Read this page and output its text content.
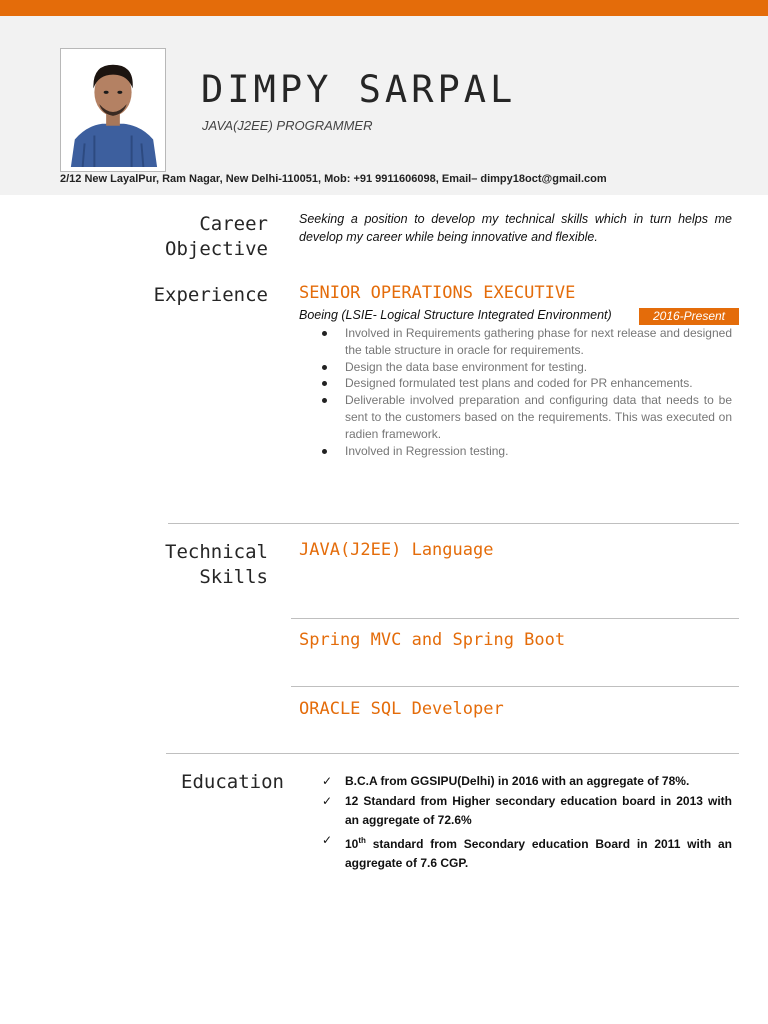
DIMPY SARPAL
JAVA(J2EE) PROGRAMMER
2/12 New LayalPur, Ram Nagar, New Delhi-110051, Mob: +91 9911606098, Email– dimpy18oct@gmail.com
Career
Objective
Seeking a position to develop my technical skills which in turn helps me develop my career while being innovative and flexible.
Experience SENIOR OPERATIONS EXECUTIVE
Boeing (LSIE- Logical Structure Integrated Environment)	2016-Present
Involved in Requirements gathering phase for next release and designed the table structure in oracle for requirements.
Design the data base environment for testing.
Designed formulated test plans and coded for PR enhancements.
Deliverable involved preparation and configuring data that needs to be sent to the customers based on the requirements. This was executed on radien framework.
Involved in Regression testing.
Technical
Skills
JAVA(J2EE) Language
Spring MVC and Spring Boot
ORACLE SQL Developer
Education	✓ B.C.A from GGSIPU(Delhi) in 2016 with an aggregate of 78%.
✓ 12 Standard from Higher secondary education board in 2013 with an aggregate of 72.6%
✓ 10th standard from Secondary education Board in 2011 with an aggregate of 7.6 CGP.
